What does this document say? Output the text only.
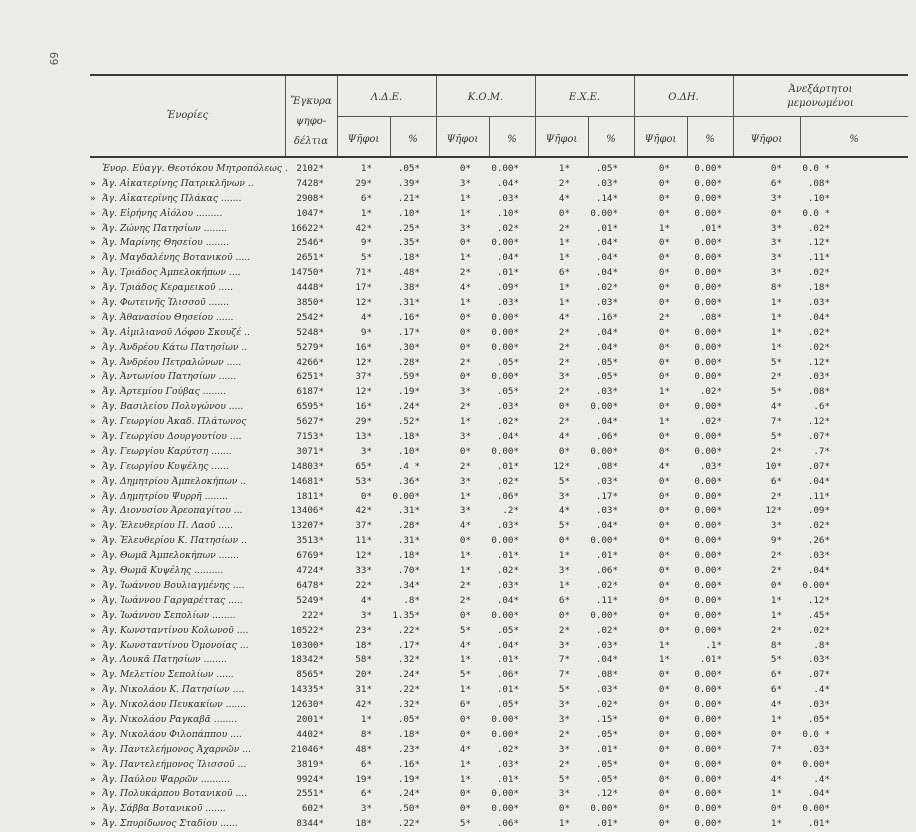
69
Ἐνορίες
Ἔγκυρα
ψηφο-
δέλτια
Λ.Δ.Ε.	Κ.Ο.Μ.	Ε.Χ.Ε.	Ο.ΔΗ.
Ἀνεξάρτητοι
μεμονωμένοι
Ψῆφοι	%	Ψῆφοι	%	Ψῆφοι	%	Ψῆφοι	%	Ψῆφοι	%
Ἐνορ. Εὐαγγ. Θεοτόκου Μητροπόλεως . 2102*	1*	.05*	0*	0.00*	1*	.05*	0*	0.00*	0*	0.0 *
» Ἁγ. Αἰκατερίνης Πατρικλῆνων ..	7428*	29*	.39*	3*	.04*	2*	.03*	0*	0.00*	6*	.08*
» Ἁγ. Αἰκατερίνης Πλάκας .......	2908*	6*	.21*	1*	.03*	4*	.14*	0*	0.00*	3*	.10*
» Ἁγ. Εἰρήνης Αἰόλου .........	1047*	1*	.10*	1*	.10*	0*	0.00*	0*	0.00*	0*	0.0 *
» Ἁγ. Ζώνης Πατησίων ........	16622*	42*	.25*	3*	.02*	2*	.01*	1*	.01*	3*	.02*
» Ἁγ. Μαρίνης Θησείου ........	2546*	9*	.35*	0*	0.00*	1*	.04*	0*	0.00*	3*	.12*
» Ἁγ. Μαγδαλένης Βοτανικοῦ .....	2651*	5*	.18*	1*	.04*	1*	.04*	0*	0.00*	3*	.11*
» Ἁγ. Τριάδος Ἀμπελοκήπων ....	14750*	71*	.48*	2*	.01*	6*	.04*	0*	0.00*	3*	.02*
» Ἁγ. Τριάδος Κεραμεικοῦ .....	4448*	17*	.38*	4*	.09*	1*	.02*	0*	0.00*	8*	.18*
» Ἁγ. Φωτεινῆς Ἰλισσοῦ .......	3850*	12*	.31*	1*	.03*	1*	.03*	0*	0.00*	1*	.03*
» Ἁγ. Ἀθανασίου Θησείου ......	2542*	4*	.16*	0*	0.00*	4*	.16*	2*	.08*	1*	.04*
» Ἁγ. Αἰμιλιανοῦ Λόφου Σκουζέ ..	5248*	9*	.17*	0*	0.00*	2*	.04*	0*	0.00*	1*	.02*
» Ἁγ. Ἀνδρέου Κάτω Πατησίων ..	5279*	16*	.30*	0*	0.00*	2*	.04*	0*	0.00*	1*	.02*
» Ἁγ. Ἀνδρέου Πετραλώνων .....	4266*	12*	.28*	2*	.05*	2*	.05*	0*	0.00*	5*	.12*
» Ἁγ. Ἀντωνίου Πατησίων ......	6251*	37*	.59*	0*	0.00*	3*	.05*	0*	0.00*	2*	.03*
» Ἁγ. Ἀρτεμίου Γούβας ........	6187*	12*	.19*	3*	.05*	2*	.03*	1*	.02*	5*	.08*
» Ἁγ. Βασιλείου Πολυγώνου .....	6595*	16*	.24*	2*	.03*	0*	0.00*	0*	0.00*	4*	.6*
» Ἁγ. Γεωργίου Ἀκαδ. Πλάτωνος	5627*	29*	.52*	1*	.02*	2*	.04*	1*	.02*	7*	.12*
» Ἁγ. Γεωργίου Δουργουτίου ....	7153*	13*	.18*	3*	.04*	4*	.06*	0*	0.00*	5*	.07*
» Ἁγ. Γεωργίου Καρύτση .......	3071*	3*	.10*	0*	0.00*	0*	0.00*	0*	0.00*	2*	.7*
» Ἁγ. Γεωργίου Κυψέλης ......	14803*	65*	.4 *	2*	.01*	12*	.08*	4*	.03*	10*	.07*
» Ἁγ. Δημητρίου Ἀμπελοκήπων ..	14681*	53*	.36*	3*	.02*	5*	.03*	0*	0.00*	6*	.04*
» Ἁγ. Δημητρίου Ψυρρῆ ........	1811*	0*	0.00*	1*	.06*	3*	.17*	0*	0.00*	2*	.11*
» Ἁγ. Διονυσίου Ἀρεοπαγίτου ...	13406*	42*	.31*	3*	.2*	4*	.03*	0*	0.00*	12*	.09*
» Ἁγ. Ἐλευθερίου Π. Λαοῦ .....	13207*	37*	.28*	4*	.03*	5*	.04*	0*	0.00*	3*	.02*
» Ἁγ. Ἐλευθερίου Κ. Πατησίων ..	3513*	11*	.31*	0*	0.00*	0*	0.00*	0*	0.00*	9*	.26*
» Ἁγ. Θωμᾶ Ἀμπελοκήπων .......	6769*	12*	.18*	1*	.01*	1*	.01*	0*	0.00*	2*	.03*
» Ἁγ. Θωμᾶ Κυψέλης ..........	4724*	33*	.70*	1*	.02*	3*	.06*	0*	0.00*	2*	.04*
» Ἁγ. Ἰωάννου Βουλιαγμένης ....	6478*	22*	.34*	2*	.03*	1*	.02*	0*	0.00*	0*	0.00*
» Ἁγ. Ἰωάννου Γαργαρέττας .....	5249*	4*	.8*	2*	.04*	6*	.11*	0*	0.00*	1*	.12*
» Ἁγ. Ἰωάννου Σεπολίων ........	222*	3*	1.35*	0*	0.00*	0*	0.00*	0*	0.00*	1*	.45*
» Ἁγ. Κωνσταντίνου Κολωνοῦ ....	10522*	23*	.22*	5*	.05*	2*	.02*	0*	0.00*	2*	.02*
» Ἁγ. Κωνσταντίνου Ὁμονοίας ...	10300*	18*	.17*	4*	.04*	3*	.03*	1*	.1*	8*	.8*
» Ἁγ. Λουκᾶ Πατησίων ........	18342*	58*	.32*	1*	.01*	7*	.04*	1*	.01*	5*	.03*
» Ἁγ. Μελετίου Σεπολίων ......	8565*	20*	.24*	5*	.06*	7*	.08*	0*	0.00*	6*	.07*
» Ἁγ. Νικολάου Κ. Πατησίων ....	14335*	31*	.22*	1*	.01*	5*	.03*	0*	0.00*	6*	.4*
» Ἁγ. Νικολάου Πευκακίων .......	12630*	42*	.32*	6*	.05*	3*	.02*	0*	0.00*	4*	.03*
» Ἁγ. Νικολάου Ραγκαβᾶ ........	2001*	1*	.05*	0*	0.00*	3*	.15*	0*	0.00*	1*	.05*
» Ἁγ. Νικολάου Φιλοπάππου ....	4402*	8*	.18*	0*	0.00*	2*	.05*	0*	0.00*	0*	0.0 *
» Ἁγ. Παντελεήμονος Ἀχαρνῶν ...	21046*	48*	.23*	4*	.02*	3*	.01*	0*	0.00*	7*	.03*
» Ἁγ. Παντελεήμονος Ἰλισσοῦ ...	3819*	6*	.16*	1*	.03*	2*	.05*	0*	0.00*	0*	0.00*
» Ἁγ. Παύλου Ψαρρῶν ..........	9924*	19*	.19*	1*	.01*	5*	.05*	0*	0.00*	4*	.4*
» Ἁγ. Πολυκάρπου Βοτανικοῦ ....	2551*	6*	.24*	0*	0.00*	3*	.12*	0*	0.00*	1*	.04*
» Ἁγ. Σάββα Βοτανικοῦ .......	602*	3*	.50*	0*	0.00*	0*	0.00*	0*	0.00*	0*	0.00*
» Ἁγ. Σπυρίδωνος Σταδίου ......	8344*	18*	.22*	5*	.06*	1*	.01*	0*	0.00*	1*	.01*
